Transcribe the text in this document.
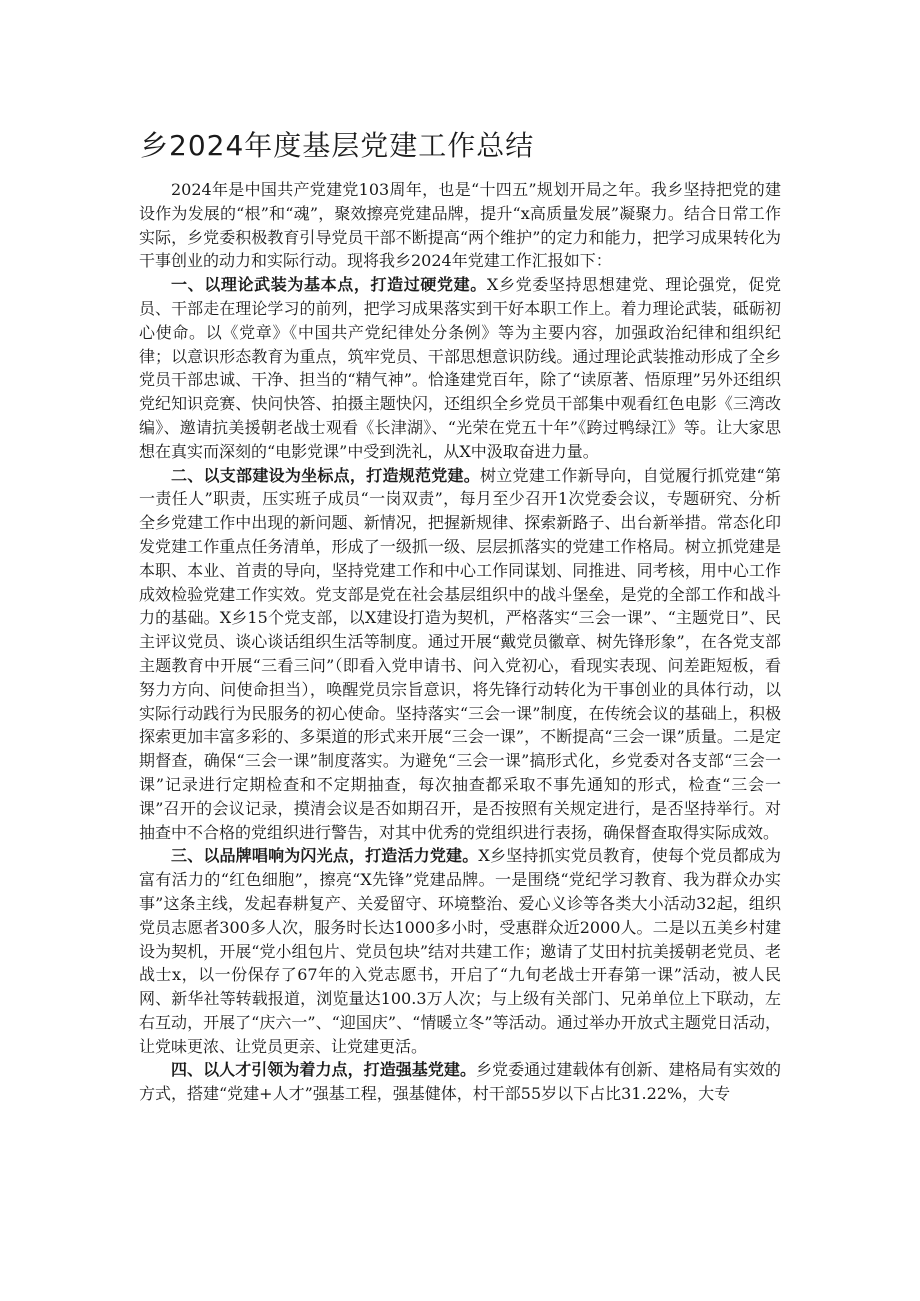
乡2024年度基层党建工作总结

2024年是中国共产党建党103周年，也是“十四五”规划开局之年。我乡坚持把党的建设作为发展的“根”和“魂”，聚效擦亮党建品牌，提升“x高质量发展”凝聚力。结合日常工作实际，乡党委积极教育引导党员干部不断提高“两个维护”的定力和能力，把学习成果转化为干事创业的动力和实际行动。现将我乡2024年党建工作汇报如下：

一、以理论武装为基本点，打造过硬党建。X乡党委坚持思想建党、理论强党，促党员、干部走在理论学习的前列，把学习成果落实到干好本职工作上。着力理论武装，砥砺初心使命。以《党章》《中国共产党纪律处分条例》等为主要内容，加强政治纪律和组织纪律；以意识形态教育为重点，筑牢党员、干部思想意识防线。通过理论武装推动形成了全乡党员干部忠诚、干净、担当的“精气神”。恰逢建党百年，除了“读原著、悟原理”另外还组织党纪知识竞赛、快问快答、拍摄主题快闪，还组织全乡党员干部集中观看红色电影《三湾改编》、邀请抗美援朝老战士观看《长津湖》、“光荣在党五十年”《跨过鸭绿江》等。让大家思想在真实而深刻的“电影党课”中受到洗礼，从X中汲取奋进力量。

二、以支部建设为坐标点，打造规范党建。树立党建工作新导向，自觉履行抓党建“第一责任人”职责，压实班子成员“一岗双责”，每月至少召开1次党委会议，专题研究、分析全乡党建工作中出现的新问题、新情况，把握新规律、探索新路子、出台新举措。常态化印发党建工作重点任务清单，形成了一级抓一级、层层抓落实的党建工作格局。树立抓党建是本职、本业、首责的导向，坚持党建工作和中心工作同谋划、同推进、同考核，用中心工作成效检验党建工作实效。党支部是党在社会基层组织中的战斗堡垒，是党的全部工作和战斗力的基础。X乡15个党支部，以X建设打造为契机，严格落实“三会一课”、“主题党日”、民主评议党员、谈心谈话组织生活等制度。通过开展“戴党员徽章、树先锋形象”，在各党支部主题教育中开展“三看三问”（即看入党申请书、问入党初心，看现实表现、问差距短板，看努力方向、问使命担当），唤醒党员宗旨意识，将先锋行动转化为干事创业的具体行动，以实际行动践行为民服务的初心使命。坚持落实“三会一课”制度，在传统会议的基础上，积极探索更加丰富多彩的、多渠道的形式来开展“三会一课”，不断提高“三会一课”质量。二是定期督查，确保“三会一课”制度落实。为避免“三会一课”搞形式化，乡党委对各支部“三会一课”记录进行定期检查和不定期抽查，每次抽查都采取不事先通知的形式，检查“三会一课”召开的会议记录，摸清会议是否如期召开，是否按照有关规定进行，是否坚持举行。对抽查中不合格的党组织进行警告，对其中优秀的党组织进行表扬，确保督查取得实际成效。

三、以品牌唱响为闪光点，打造活力党建。X乡坚持抓实党员教育，使每个党员都成为富有活力的“红色细胞”，擦亮“X先锋”党建品牌。一是围绕“党纪学习教育、我为群众办实事”这条主线，发起春耕复产、关爱留守、环境整治、爱心义诊等各类大小活动32起，组织党员志愿者300多人次，服务时长达1000多小时，受惠群众近2000人。二是以五美乡村建设为契机，开展“党小组包片、党员包块”结对共建工作；邀请了艾田村抗美援朝老党员、老战士x，以一份保存了67年的入党志愿书，开启了“九旬老战士开春第一课”活动，被人民网、新华社等转载报道，浏览量达100.3万人次；与上级有关部门、兄弟单位上下联动，左右互动，开展了“庆六一”、“迎国庆”、“情暖立冬”等活动。通过举办开放式主题党日活动，让党味更浓、让党员更亲、让党建更活。

四、以人才引领为着力点，打造强基党建。乡党委通过建载体有创新、建格局有实效的方式，搭建“党建+人才”强基工程，强基健体，村干部55岁以下占比31.22%，大专
